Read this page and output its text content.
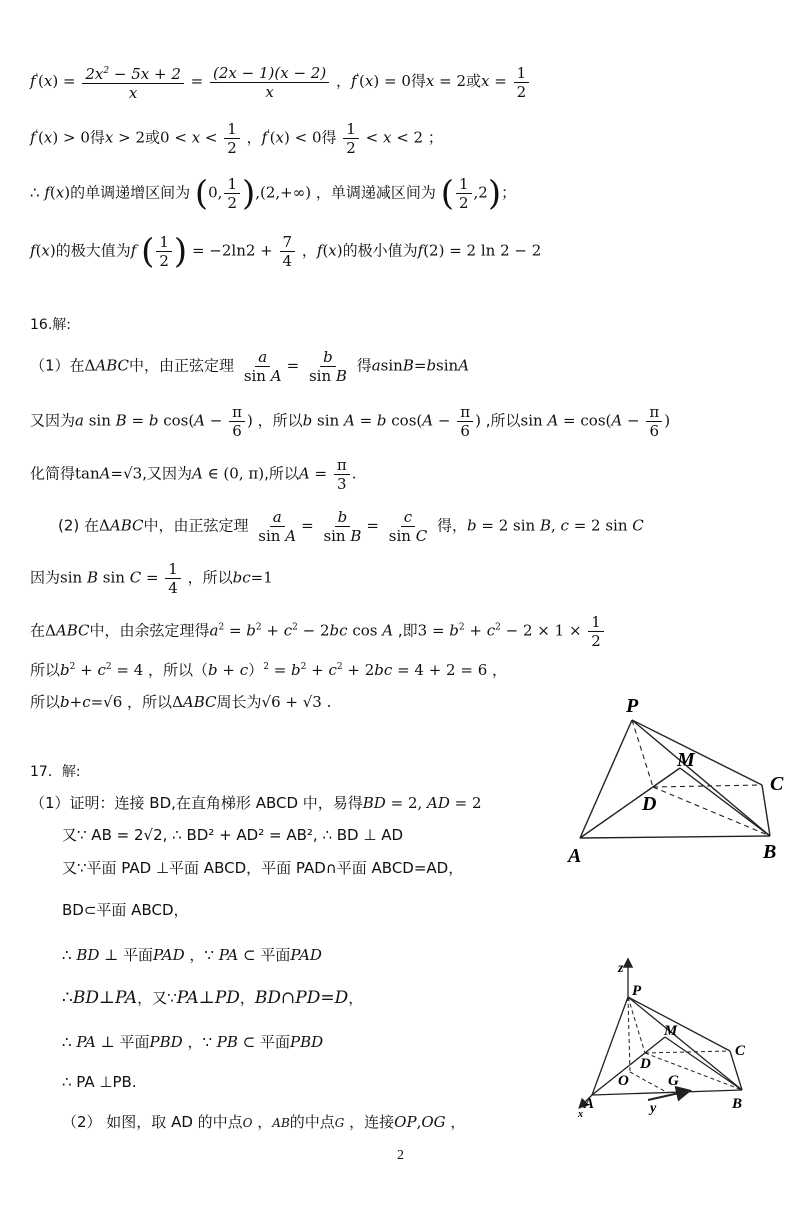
$f'(x) = \frac{2x^2 - 5x + 2}{x} = \frac{(2x - 1)(x - 2)}{x}$ ，f'(x) = 0得x = 2或$x = \frac{1}{2}$
f'(x) > 0得x > 2或$0 < x < \frac{1}{2}$ ，f'(x) < 0得 $\frac{1}{2} < x < 2$ ；
∴ f(x)的单调递增区间为 (0, $\frac{1}{2} ),(2,+\infty)$ ，单调递减区间为 ( $\frac{1}{2} ,2$)；
f(x)的极大值为f ( $\frac{1}{2}$ ) = $-2\ln 2 + \frac{7}{4}$ ，f(x)的极小值为f(2) = 2 ln 2 − 2
16.解:
（1）在ΔABC中，由正弦定理 $\frac{a}{\text{sin A}} = \frac{b}{\text{sin B}}$ 得asinB=bsinA
又因为a sin B = b $\cos(A - \frac{\pi}{6}$ ) ，所以b sin A = b $\cos(A - \frac{\pi}{6}$ ) ,所以$\sin A = \cos(A - \frac{\pi}{6}$ )
化简得tanA=√3,又因为A ∈ (0, π),所以$A = \frac{\pi}{3}$ .
(2) 在ΔABC中，由正弦定理 $\frac{a}{\text{sin A}} = \frac{b}{\text{sin B}} = \frac{c}{\text{sin C}}$ 得，b = 2 sin B, c = 2 sin C
因为sin B $\sin C = \frac{1}{4}$ ，所以bc=1
在ΔABC中，由余弦定理得$a^2 = b^2 + c^2 - 2bc$ cos A ,即$3 = b^2 + c^2 - 2 \times 1 \times \frac{1}{2}$
所以$b^2 + c^2 = 4$ ，所以$(b + c)^2 = b^2 + c^2 + 2bc = 4 + 2 = 6$ ，
所以b+c=√6 ，所以ΔABC周长为√6 + √3 .
17．解:
（1）证明：连接 BD,在直角梯形 ABCD 中，易得BD = 2, AD = 2
又∵ AB = 2√2, ∴ BD² + AD² = AB², ∴ BD ⊥ AD
又∵平面 PAD ⊥平面 ABCD，平面 PAD∩平面 ABCD=AD，
BD⊂平面 ABCD，
∴ BD ⊥ 平面PAD ，∵ PA ⊂ 平面PAD
∴BD⊥PA，又∵PA⊥PD，BD∩PD=D，
∴ PA ⊥ 平面PBD ，∵ PB ⊂ 平面PBD
∴ PA ⊥PB.
（2） 如图，取 AD 的中点O ，AB的中点G ，连接OP,OG ，
P
M
C
D
A	B
z
P
M
C
D
O	G
A
x	y	B
2
